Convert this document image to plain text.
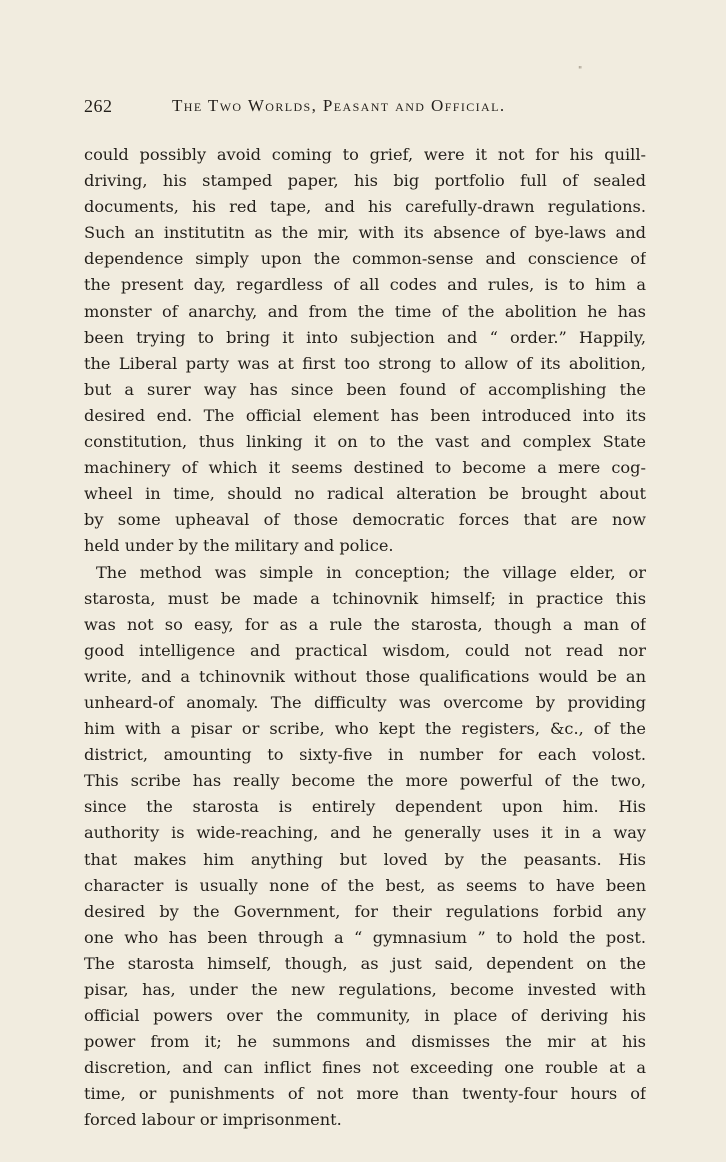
"
262	The Two Worlds, Peasant and Official.
could possibly avoid coming to grief, were it not for his quill-
driving, his stamped paper, his big portfolio full of sealed
documents, his red tape, and his carefully-drawn regulations.
Such an institutitn as the mir, with its absence of bye-laws and
dependence simply upon the common-sense and conscience of
the present day, regardless of all codes and rules, is to him a
monster of anarchy, and from the time of the abolition he has
been trying to bring it into subjection and “ order.” Happily,
the Liberal party was at first too strong to allow of its abolition,
but a surer way has since been found of accomplishing the
desired end. The official element has been introduced into its
constitution, thus linking it on to the vast and complex State
machinery of which it seems destined to become a mere cog-
wheel in time, should no radical alteration be brought about
by some upheaval of those democratic forces that are now
held under by the military and police.
The method was simple in conception; the village elder, or
starosta, must be made a tchinovnik himself; in practice this
was not so easy, for as a rule the starosta, though a man of
good intelligence and practical wisdom, could not read nor
write, and a tchinovnik without those qualifications would be an
unheard-of anomaly. The difficulty was overcome by providing
him with a pisar or scribe, who kept the registers, &c., of the
district, amounting to sixty-five in number for each volost.
This scribe has really become the more powerful of the two,
since the starosta is entirely dependent upon him. His
authority is wide-reaching, and he generally uses it in a way
that makes him anything but loved by the peasants. His
character is usually none of the best, as seems to have been
desired by the Government, for their regulations forbid any
one who has been through a “ gymnasium ” to hold the post.
The starosta himself, though, as just said, dependent on the
pisar, has, under the new regulations, become invested with
official powers over the community, in place of deriving his
power from it; he summons and dismisses the mir at his
discretion, and can inflict fines not exceeding one rouble at a
time, or punishments of not more than twenty-four hours of
forced labour or imprisonment.
